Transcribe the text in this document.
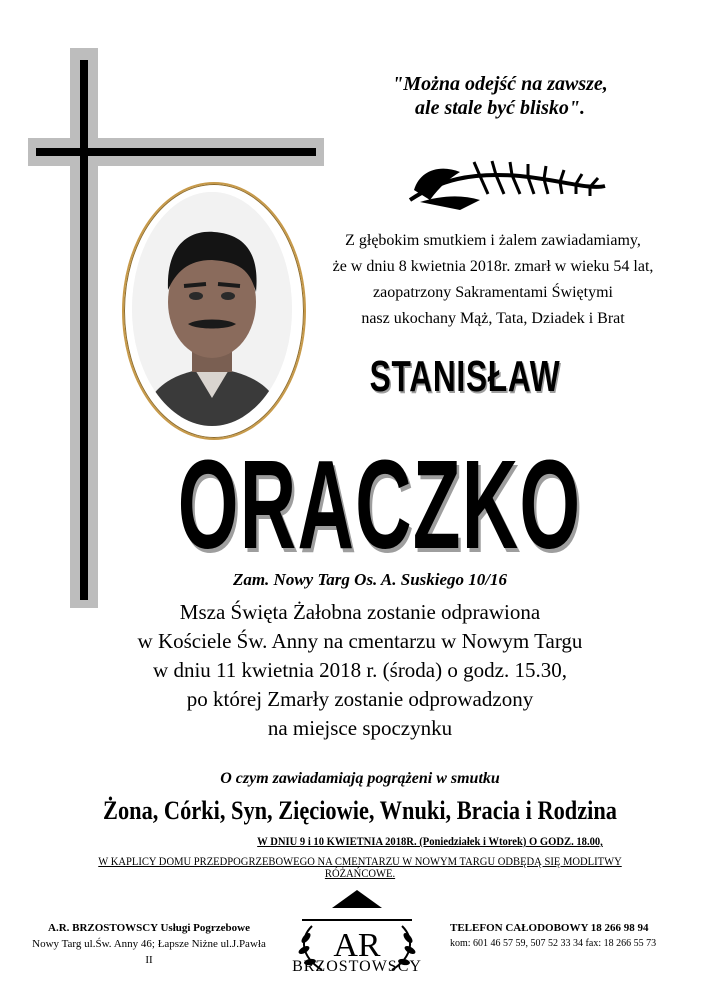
"Można odejść na zawsze,
ale stale być blisko".
Z głębokim smutkiem i żalem zawiadamiamy,
że w dniu 8 kwietnia 2018r. zmarł w wieku 54 lat,
zaopatrzony Sakramentami Świętymi
nasz ukochany Mąż, Tata, Dziadek i Brat
STANISŁAW
ORACZKO
Zam. Nowy Targ Os. A. Suskiego 10/16
Msza Święta Żałobna zostanie odprawiona
w Kościele Św. Anny na cmentarzu w Nowym Targu
w dniu 11 kwietnia 2018 r. (środa) o godz. 15.30,
po której Zmarły zostanie odprowadzony
na miejsce spoczynku
O czym zawiadamiają pogrążeni w smutku
Żona, Córki, Syn, Zięciowie, Wnuki, Bracia i Rodzina
W DNIU 9 i 10 KWIETNIA 2018R. (Poniedziałek i Wtorek) O GODZ. 18.00,
W KAPLICY DOMU PRZEDPOGRZEBOWEGO NA CMENTARZU W NOWYM TARGU ODBĘDĄ SIĘ MODLITWY RÓŻAŃCOWE.
A.R. BRZOSTOWSCY Usługi Pogrzebowe
Nowy Targ ul.Św. Anny 46; Łapsze Niżne ul.J.Pawła II	AR
BRZOSTOWSCY
TELEFON CAŁODOBOWY 18 266 98 94
kom: 601 46 57 59, 507 52 33 34 fax: 18 266 55 73
